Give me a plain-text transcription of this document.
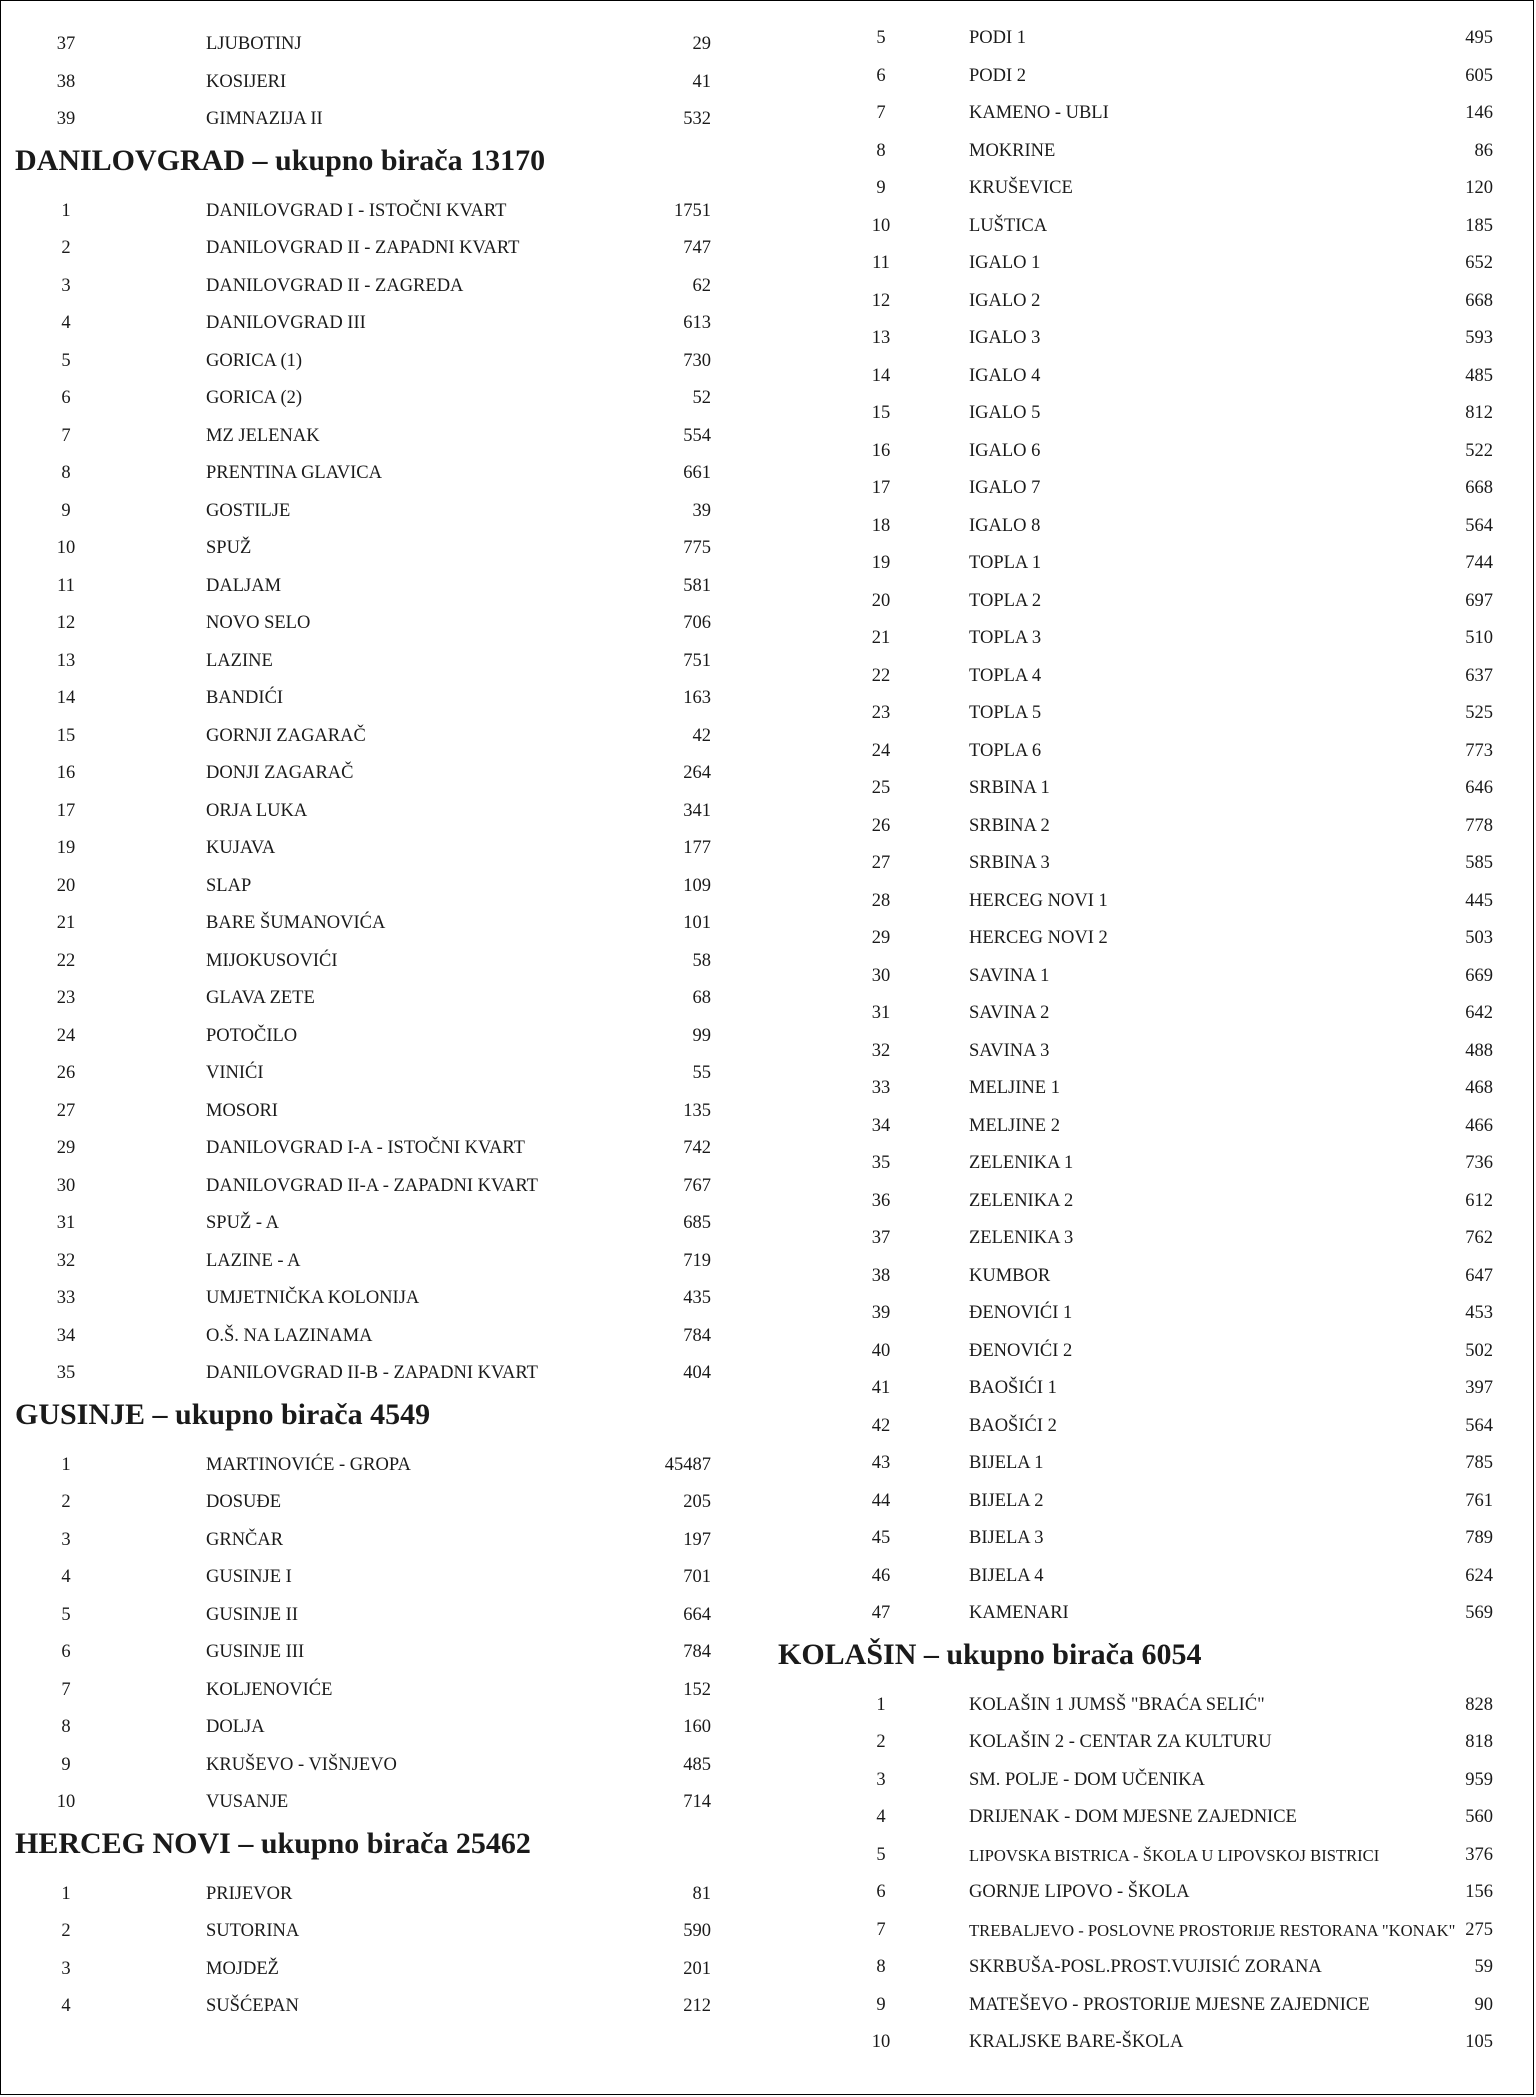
37	LJUBOTINJ	29
38	KOSIJERI	41
39	GIMNAZIJA II	532
DANILOVGRAD – ukupno birača 13170
1	DANILOVGRAD I - ISTOČNI KVART	1751
2	DANILOVGRAD II - ZAPADNI KVART	747
3	DANILOVGRAD II - ZAGREDA	62
4	DANILOVGRAD III	613
5	GORICA (1)	730
6	GORICA (2)	52
7	MZ JELENAK	554
8	PRENTINA GLAVICA	661
9	GOSTILJE	39
10	SPUŽ	775
11	DALJAM	581
12	NOVO SELO	706
13	LAZINE	751
14	BANDIĆI	163
15	GORNJI ZAGARAČ	42
16	DONJI ZAGARAČ	264
17	ORJA LUKA	341
19	KUJAVA	177
20	SLAP	109
21	BARE ŠUMANOVIĆA	101
22	MIJOKUSOVIĆI	58
23	GLAVA ZETE	68
24	POTOČILO	99
26	VINIĆI	55
27	MOSORI	135
29	DANILOVGRAD I-A - ISTOČNI KVART	742
30	DANILOVGRAD II-A - ZAPADNI KVART	767
31	SPUŽ - A	685
32	LAZINE - A	719
33	UMJETNIČKA KOLONIJA	435
34	O.Š. NA LAZINAMA	784
35	DANILOVGRAD II-B - ZAPADNI KVART	404
GUSINJE – ukupno birača 4549
1	MARTINOVIĆE - GROPA	45487
2	DOSUĐE	205
3	GRNČAR	197
4	GUSINJE I	701
5	GUSINJE II	664
6	GUSINJE III	784
7	KOLJENOVIĆE	152
8	DOLJA	160
9	KRUŠEVO - VIŠNJEVO	485
10	VUSANJE	714
HERCEG NOVI – ukupno birača 25462
1	PRIJEVOR	81
2	SUTORINA	590
3	MOJDEŽ	201
4	SUŠĆEPAN	212
5	PODI 1	495
6	PODI 2	605
7	KAMENO - UBLI	146
8	MOKRINE	86
9	KRUŠEVICE	120
10	LUŠTICA	185
11	IGALO 1	652
12	IGALO 2	668
13	IGALO 3	593
14	IGALO 4	485
15	IGALO 5	812
16	IGALO 6	522
17	IGALO 7	668
18	IGALO 8	564
19	TOPLA 1	744
20	TOPLA 2	697
21	TOPLA 3	510
22	TOPLA 4	637
23	TOPLA 5	525
24	TOPLA 6	773
25	SRBINA 1	646
26	SRBINA 2	778
27	SRBINA 3	585
28	HERCEG NOVI 1	445
29	HERCEG NOVI 2	503
30	SAVINA 1	669
31	SAVINA 2	642
32	SAVINA 3	488
33	MELJINE 1	468
34	MELJINE 2	466
35	ZELENIKA 1	736
36	ZELENIKA 2	612
37	ZELENIKA 3	762
38	KUMBOR	647
39	ĐENOVIĆI 1	453
40	ĐENOVIĆI 2	502
41	BAOŠIĆI 1	397
42	BAOŠIĆI 2	564
43	BIJELA 1	785
44	BIJELA 2	761
45	BIJELA 3	789
46	BIJELA 4	624
47	KAMENARI	569
KOLAŠIN – ukupno birača 6054
1	KOLAŠIN 1 JUMSŠ "BRAĆA SELIĆ"	828
2	KOLAŠIN 2 - CENTAR ZA KULTURU	818
3	SM. POLJE - DOM UČENIKA	959
4	DRIJENAK - DOM MJESNE ZAJEDNICE	560
5	LIPOVSKA BISTRICA - ŠKOLA U LIPOVSKOJ BISTRICI	376
6	GORNJE LIPOVO - ŠKOLA	156
7	TREBALJEVO - POSLOVNE PROSTORIJE RESTORANA "KONAK" 275
8	SKRBUŠA-POSL.PROST.VUJISIĆ ZORANA	59
9	MATEŠEVO - PROSTORIJE MJESNE ZAJEDNICE	90
10	KRALJSKE BARE-ŠKOLA	105
